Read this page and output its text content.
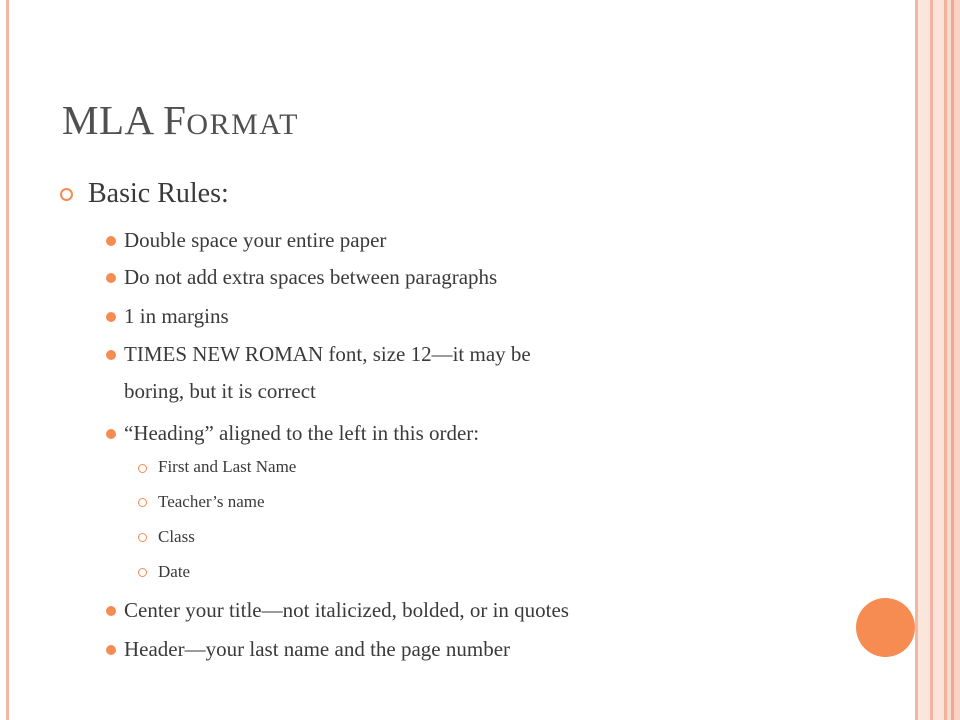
MLA FORMAT
Basic Rules:
Double space your entire paper
Do not add extra spaces between paragraphs
1 in margins
TIMES NEW ROMAN font, size 12—it may be
boring, but it is correct
“Heading” aligned to the left in this order:
First and Last Name
Teacher’s name
Class
Date
Center your title—not italicized, bolded, or in quotes
Header—your last name and the page number
